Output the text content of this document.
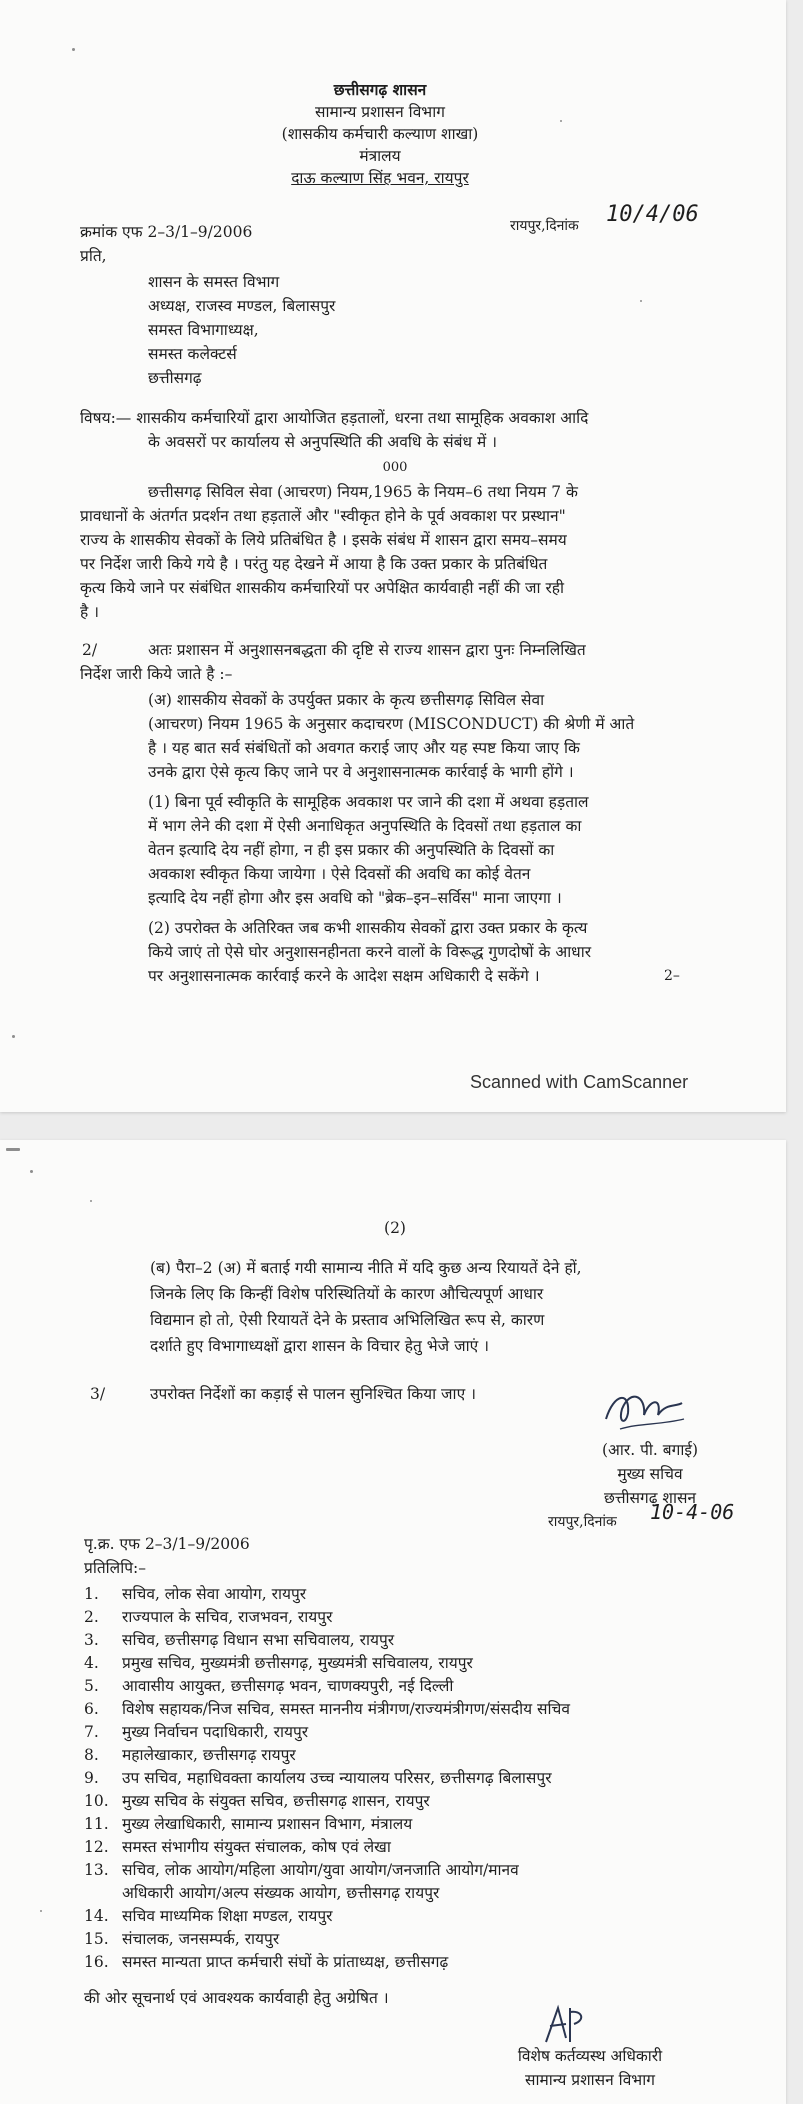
छत्तीसगढ़ शासन
सामान्य प्रशासन विभाग
(शासकीय कर्मचारी कल्याण शाखा)
मंत्रालय
दाऊ कल्याण सिंह भवन, रायपुर
क्रमांक एफ 2–3/1–9/2006	रायपुर,दिनांक 10/4/06
प्रति,
शासन के समस्त विभाग
अध्यक्ष, राजस्व मण्डल, बिलासपुर
समस्त विभागाध्यक्ष,
समस्त कलेक्टर्स
छत्तीसगढ़
विषय:— शासकीय कर्मचारियों द्वारा आयोजित हड़तालों, धरना तथा सामूहिक अवकाश आदि
के अवसरों पर कार्यालय से अनुपस्थिति की अवधि के संबंध में ।
000
छत्तीसगढ़ सिविल सेवा (आचरण) नियम,1965 के नियम–6 तथा नियम 7 के
प्रावधानों के अंतर्गत प्रदर्शन तथा हड़तालें और "स्वीकृत होने के पूर्व अवकाश पर प्रस्थान"
राज्य के शासकीय सेवकों के लिये प्रतिबंधित है । इसके संबंध में शासन द्वारा समय–समय
पर निर्देश जारी किये गये है । परंतु यह देखने में आया है कि उक्त प्रकार के प्रतिबंधित
कृत्य किये जाने पर संबंधित शासकीय कर्मचारियों पर अपेक्षित कार्यवाही नहीं की जा रही
है ।
2/	अतः प्रशासन में अनुशासनबद्धता की दृष्टि से राज्य शासन द्वारा पुनः निम्नलिखित
निर्देश जारी किये जाते है :–
(अ) शासकीय सेवकों के उपर्युक्त प्रकार के कृत्य छत्तीसगढ़ सिविल सेवा
(आचरण) नियम 1965 के अनुसार कदाचरण (MISCONDUCT) की श्रेणी में आते
है । यह बात सर्व संबंधितों को अवगत कराई जाए और यह स्पष्ट किया जाए कि
उनके द्वारा ऐसे कृत्य किए जाने पर वे अनुशासनात्मक कार्रवाई के भागी होंगे ।
(1) बिना पूर्व स्वीकृति के सामूहिक अवकाश पर जाने की दशा में अथवा हड़ताल
में भाग लेने की दशा में ऐसी अनाधिकृत अनुपस्थिति के दिवसों तथा हड़ताल का
वेतन इत्यादि देय नहीं होगा, न ही इस प्रकार की अनुपस्थिति के दिवसों का
अवकाश स्वीकृत किया जायेगा । ऐसे दिवसों की अवधि का कोई वेतन
इत्यादि देय नहीं होगा और इस अवधि को "ब्रेक–इन–सर्विस" माना जाएगा ।
(2) उपरोक्त के अतिरिक्त जब कभी शासकीय सेवकों द्वारा उक्त प्रकार के कृत्य
किये जाएं तो ऐसे घोर अनुशासनहीनता करने वालों के विरूद्ध गुणदोषों के आधार
पर अनुशासनात्मक कार्रवाई करने के आदेश सक्षम अधिकारी दे सकेंगे ।	2–
Scanned with CamScanner
(2)
(ब) पैरा–2 (अ) में बताई गयी सामान्य नीति में यदि कुछ अन्य रियायतें देने हों,
जिनके लिए कि किन्हीं विशेष परिस्थितियों के कारण औचित्यपूर्ण आधार
विद्यमान हो तो, ऐसी रियायतें देने के प्रस्ताव अभिलिखित रूप से, कारण
दर्शाते हुए विभागाध्यक्षों द्वारा शासन के विचार हेतु भेजे जाएं ।
3/	उपरोक्त निर्देशों का कड़ाई से पालन सुनिश्चित किया जाए ।
(आर. पी. बगाई)
मुख्य सचिव
छत्तीसगढ़ शासन
पृ.क्र. एफ 2–3/1–9/2006
रायपुर,दिनांक 10-4-06
प्रतिलिपि:–
1. सचिव, लोक सेवा आयोग, रायपुर
2. राज्यपाल के सचिव, राजभवन, रायपुर
3. सचिव, छत्तीसगढ़ विधान सभा सचिवालय, रायपुर
4. प्रमुख सचिव, मुख्यमंत्री छत्तीसगढ़, मुख्यमंत्री सचिवालय, रायपुर
5. आवासीय आयुक्त, छत्तीसगढ़ भवन, चाणक्यपुरी, नई दिल्ली
6. विशेष सहायक/निज सचिव, समस्त माननीय मंत्रीगण/राज्यमंत्रीगण/संसदीय सचिव
7. मुख्य निर्वाचन पदाधिकारी, रायपुर
8. महालेखाकार, छत्तीसगढ़ रायपुर
9. उप सचिव, महाधिवक्ता कार्यालय उच्च न्यायालय परिसर, छत्तीसगढ़ बिलासपुर
10. मुख्य सचिव के संयुक्त सचिव, छत्तीसगढ़ शासन, रायपुर
11. मुख्य लेखाधिकारी, सामान्य प्रशासन विभाग, मंत्रालय
12. समस्त संभागीय संयुक्त संचालक, कोष एवं लेखा
13. सचिव, लोक आयोग/महिला आयोग/युवा आयोग/जनजाति आयोग/मानव
अधिकारी आयोग/अल्प संख्यक आयोग, छत्तीसगढ़ रायपुर
14. सचिव माध्यमिक शिक्षा मण्डल, रायपुर
15. संचालक, जनसम्पर्क, रायपुर
16. समस्त मान्यता प्राप्त कर्मचारी संघों के प्रांताध्यक्ष, छत्तीसगढ़
की ओर सूचनार्थ एवं आवश्यक कार्यवाही हेतु अग्रेषित ।
विशेष कर्तव्यस्थ अधिकारी
सामान्य प्रशासन विभाग
